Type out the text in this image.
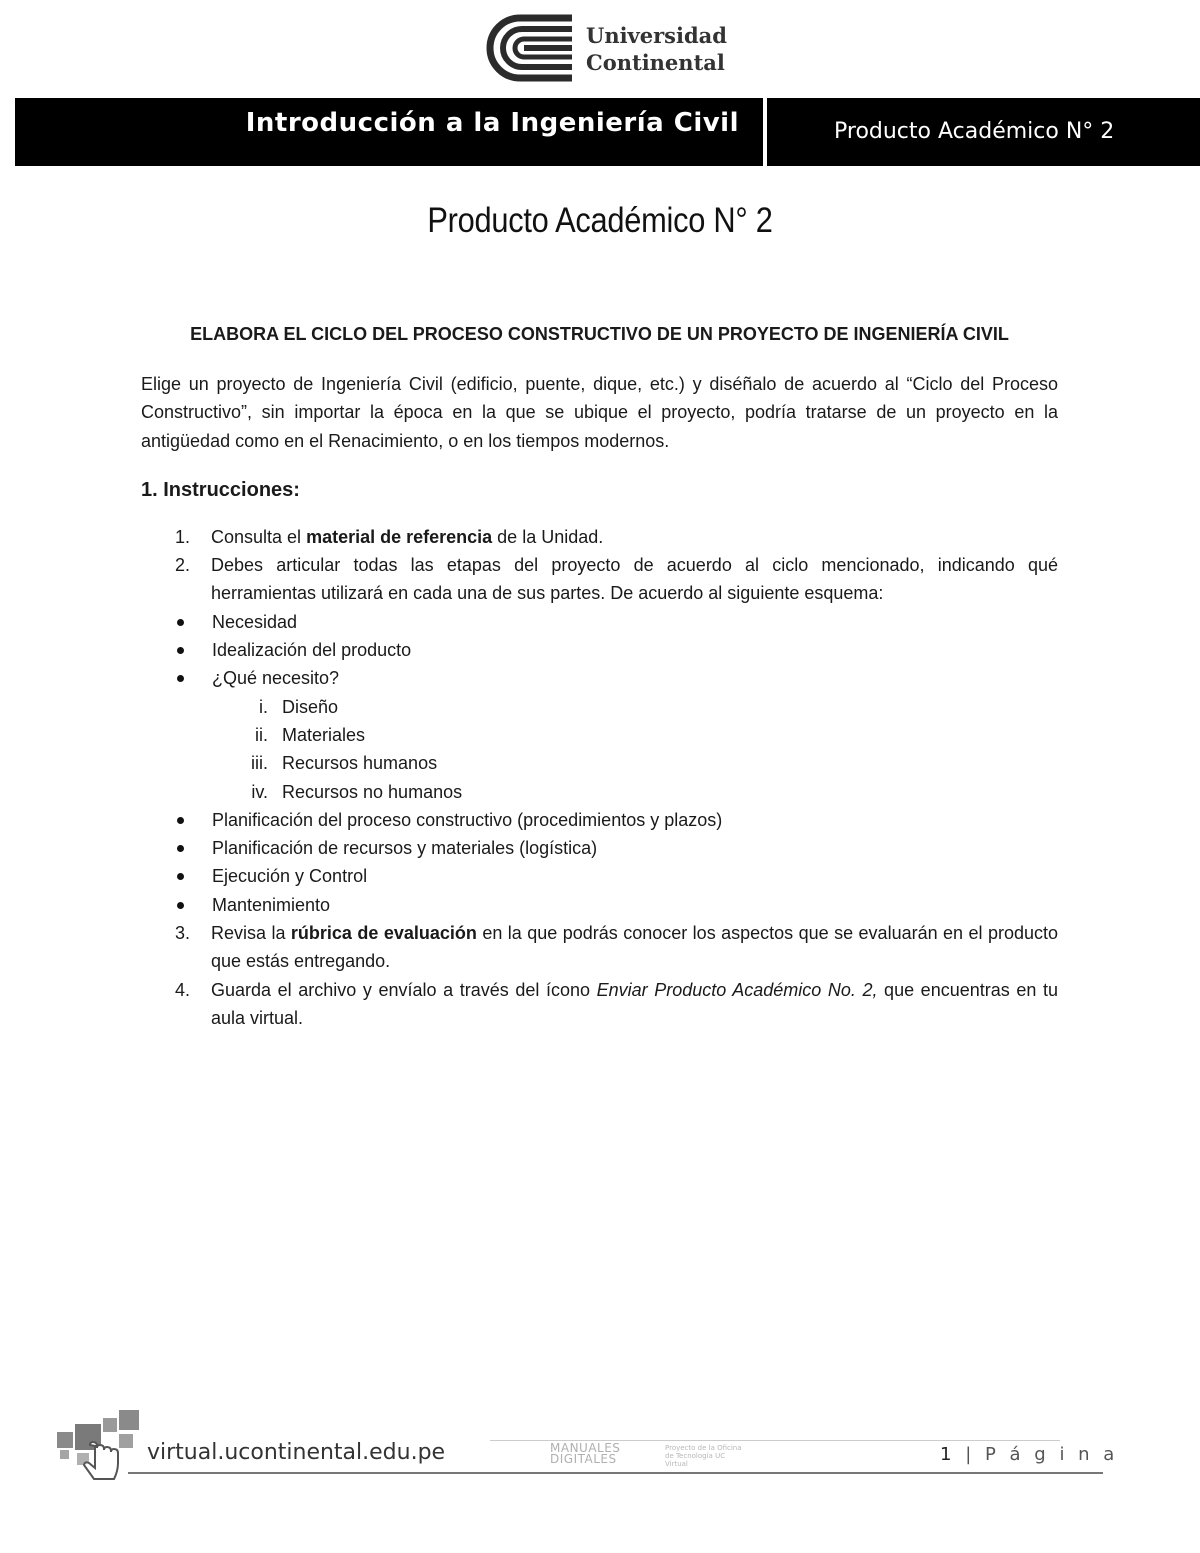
Universidad
Continental
Introducción a la Ingeniería Civil	Producto Académico N° 2
Producto Académico N° 2

ELABORA EL CICLO DEL PROCESO CONSTRUCTIVO DE UN PROYECTO DE INGENIERÍA CIVIL

Elige un proyecto de Ingeniería Civil (edificio, puente, dique, etc.) y diséñalo de acuerdo al “Ciclo del Proceso Constructivo”, sin importar la época en la que se ubique el proyecto, podría tratarse de un proyecto en la antigüedad como en el Renacimiento, o en los tiempos modernos.

1. Instrucciones:

1. Consulta el material de referencia de la Unidad.
2. Debes articular todas las etapas del proyecto de acuerdo al ciclo mencionado, indicando qué herramientas utilizará en cada una de sus partes. De acuerdo al siguiente esquema:
Necesidad
Idealización del producto
¿Qué necesito?
i. Diseño
ii. Materiales
iii. Recursos humanos
iv. Recursos no humanos
Planificación del proceso constructivo (procedimientos y plazos)
Planificación de recursos y materiales (logística)
Ejecución y Control
Mantenimiento
3. Revisa la rúbrica de evaluación en la que podrás conocer los aspectos que se evaluarán en el producto que estás entregando.
4. Guarda el archivo y envíalo a través del ícono Enviar Producto Académico No. 2, que encuentras en tu aula virtual.
virtual.ucontinental.edu.pe	MANUALES DIGITALES
Proyecto de la Oficina de Tecnología UC Virtual	1 | P á g i n a
